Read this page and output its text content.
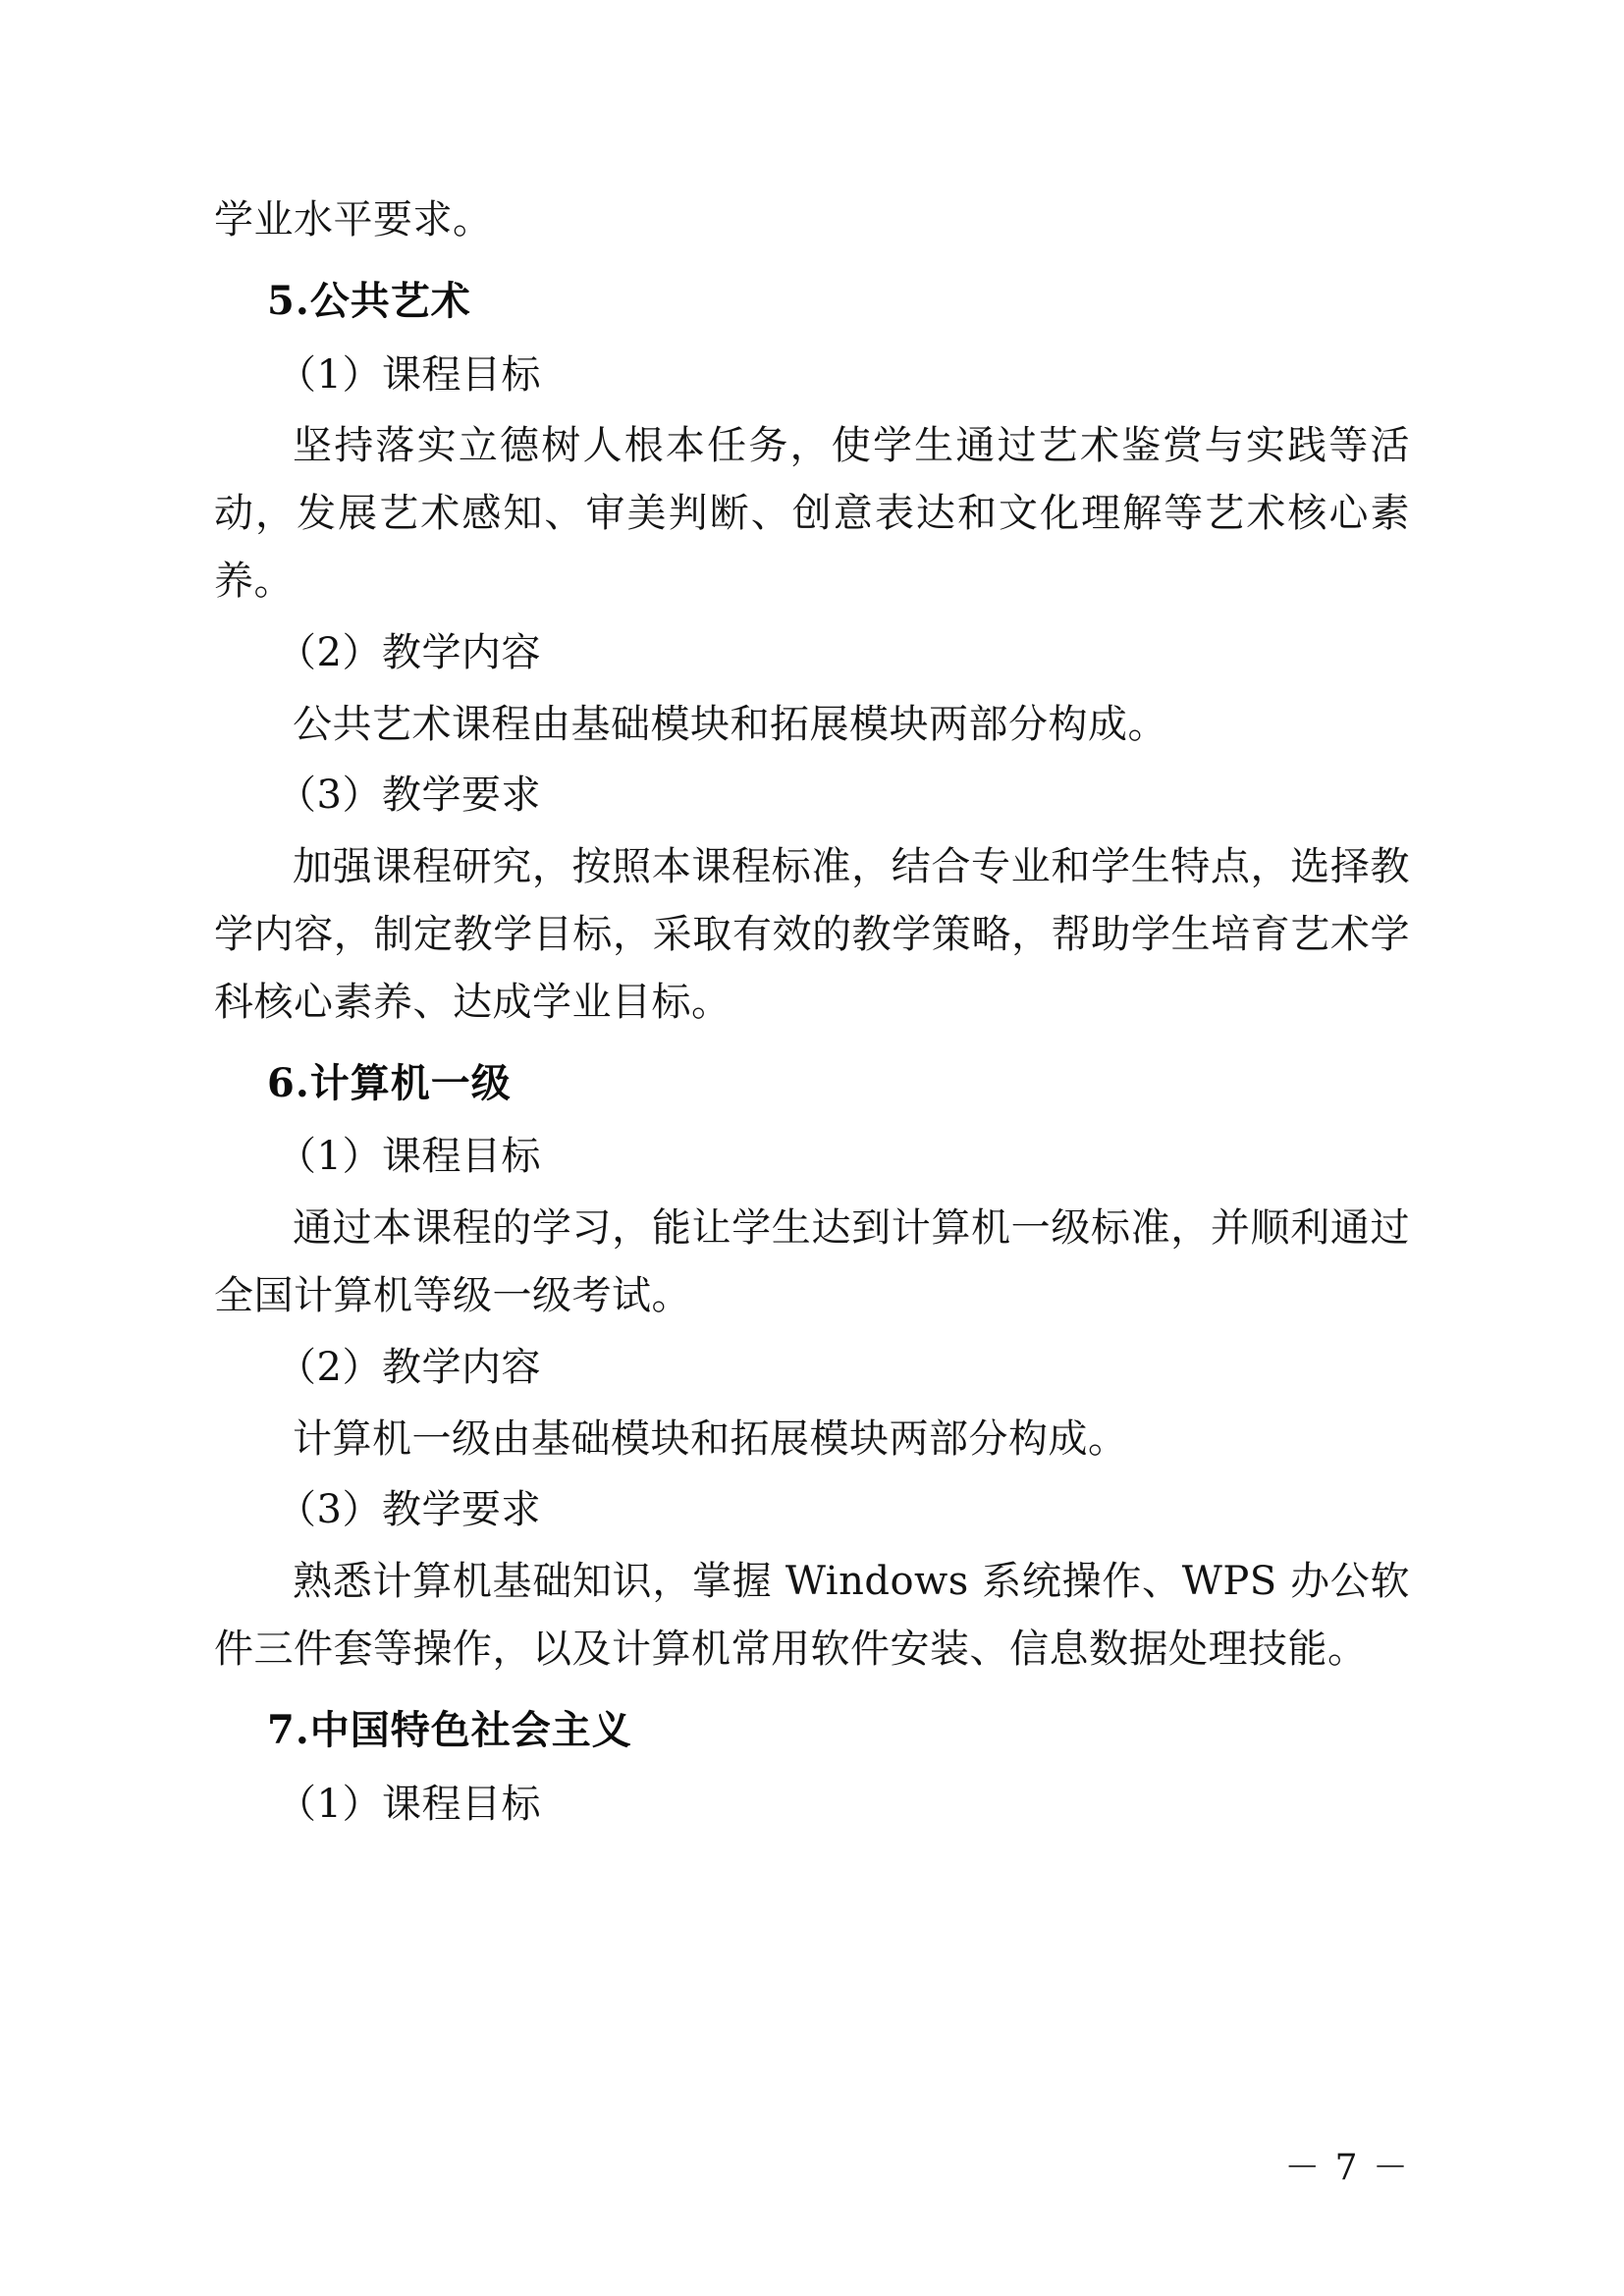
学业水平要求。

5.公共艺术

（1）课程目标

坚持落实立德树人根本任务，使学生通过艺术鉴赏与实践等活动，发展艺术感知、审美判断、创意表达和文化理解等艺术核心素养。

（2）教学内容

公共艺术课程由基础模块和拓展模块两部分构成。

（3）教学要求

加强课程研究，按照本课程标准，结合专业和学生特点，选择教学内容，制定教学目标，采取有效的教学策略，帮助学生培育艺术学科核心素养、达成学业目标。

6.计算机一级

（1）课程目标

通过本课程的学习，能让学生达到计算机一级标准，并顺利通过全国计算机等级一级考试。

（2）教学内容

计算机一级由基础模块和拓展模块两部分构成。

（3）教学要求

熟悉计算机基础知识，掌握 Windows 系统操作、WPS 办公软件三件套等操作，以及计算机常用软件安装、信息数据处理技能。

7.中国特色社会主义

（1）课程目标

－ 7 －
